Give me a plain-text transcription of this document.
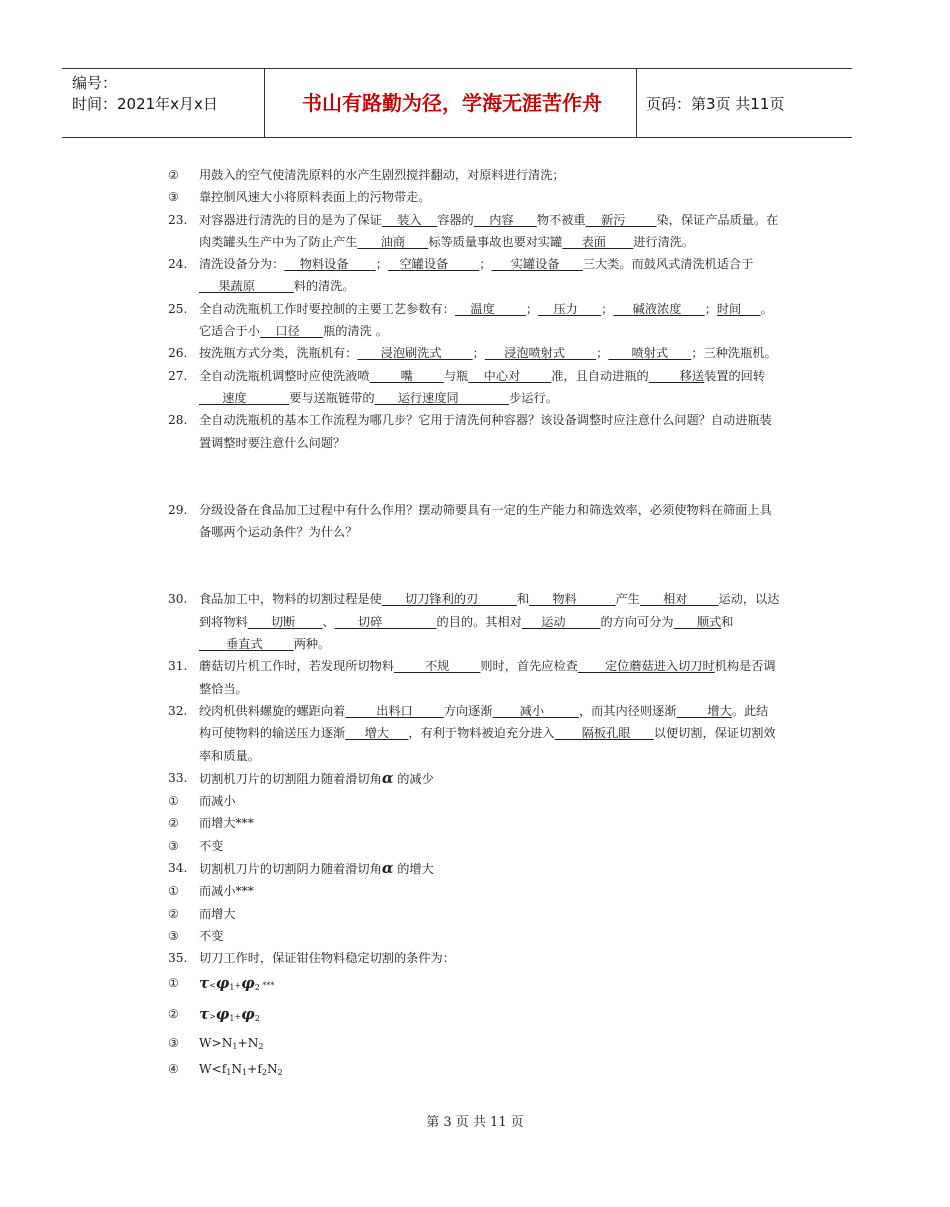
编号：
时间：2021年x月x日	书山有路勤为径，学海无涯苦作舟	页码：第3页 共11页
② 用鼓入的空气使清洗原料的水产生剧烈搅拌翻动，对原料进行清洗；
③ 靠控制风速大小将原料表面上的污物带走。
23. 对容器进行清洗的目的是为了保证    装入    容器的    内容      物不被重    新污        染，保证产品质量。在肉类罐头生产中为了防止产生      油商      标等质量事故也要对实罐     表面       进行清洗。
24. 清洗设备分为：    物料设备       ；   空罐设备        ；     实罐设备      三大类。而鼓风式清洗机适合于     果蔬原          料的清洗。
25. 全自动洗瓶机工作时要控制的主要工艺参数有：    温度        ；    压力      ；     碱液浓度      ；时间     。它适合于小    口径      瓶的清洗 。
26. 按洗瓶方式分类，洗瓶机有：      浸泡刷洗式        ；     浸泡喷射式        ；      喷射式      ；三种洗瓶机。
27. 全自动洗瓶机调整时应使洗液喷        嘴        与瓶    中心对        准，且自动进瓶的        移送装置的回转      速度           要与送瓶链带的      运行速度同             步运行。
28. 全自动洗瓶机的基本工作流程为哪几步？它用于清洗何种容器？该设备调整时应注意什么问题？自动进瓶装置调整时要注意什么问题？
29. 分级设备在食品加工过程中有什么作用？摆动筛要具有一定的生产能力和筛选效率，必须使物料在筛面上具备哪两个运动条件？为什么？
30. 食品加工中，物料的切割过程是使      切刀锋利的刃          和      物料          产生      相对        运动，以达到将物料      切断       、      切碎              的目的。其相对     运动         的方向可分为      顺式和       垂直式        两种。
31. 蘑菇切片机工作时，若发现所切物料        不规        则时，首先应检查       定位蘑菇进入切刀时机构是否调整恰当。
32. 绞肉机供料螺旋的螺距向着        出料口        方向逐渐       减小         ，而其内径则逐渐        增大。此结构可使物料的输送压力逐渐     增大     ，有利于物料被迫充分进入       隔板孔眼      以便切割，保证切割效率和质量。
33. 切割机刀片的切割阻力随着滑切角α 的减少
① 而减小
② 而增大***
③ 不变
34. 切割机刀片的切割阴力随着滑切角α 的增大
① 而减小***
② 而增大
③ 不变
35. 切刀工作时，保证钳住物料稳定切割的条件为：
① $\tau<\varphi_1+\varphi_2$ ***
② $\tau>\varphi_1+\varphi_2$
③ $W>N_1+N_2$
④ $W<f_1N_1+f_2N_2$
第 3 页 共 11 页
